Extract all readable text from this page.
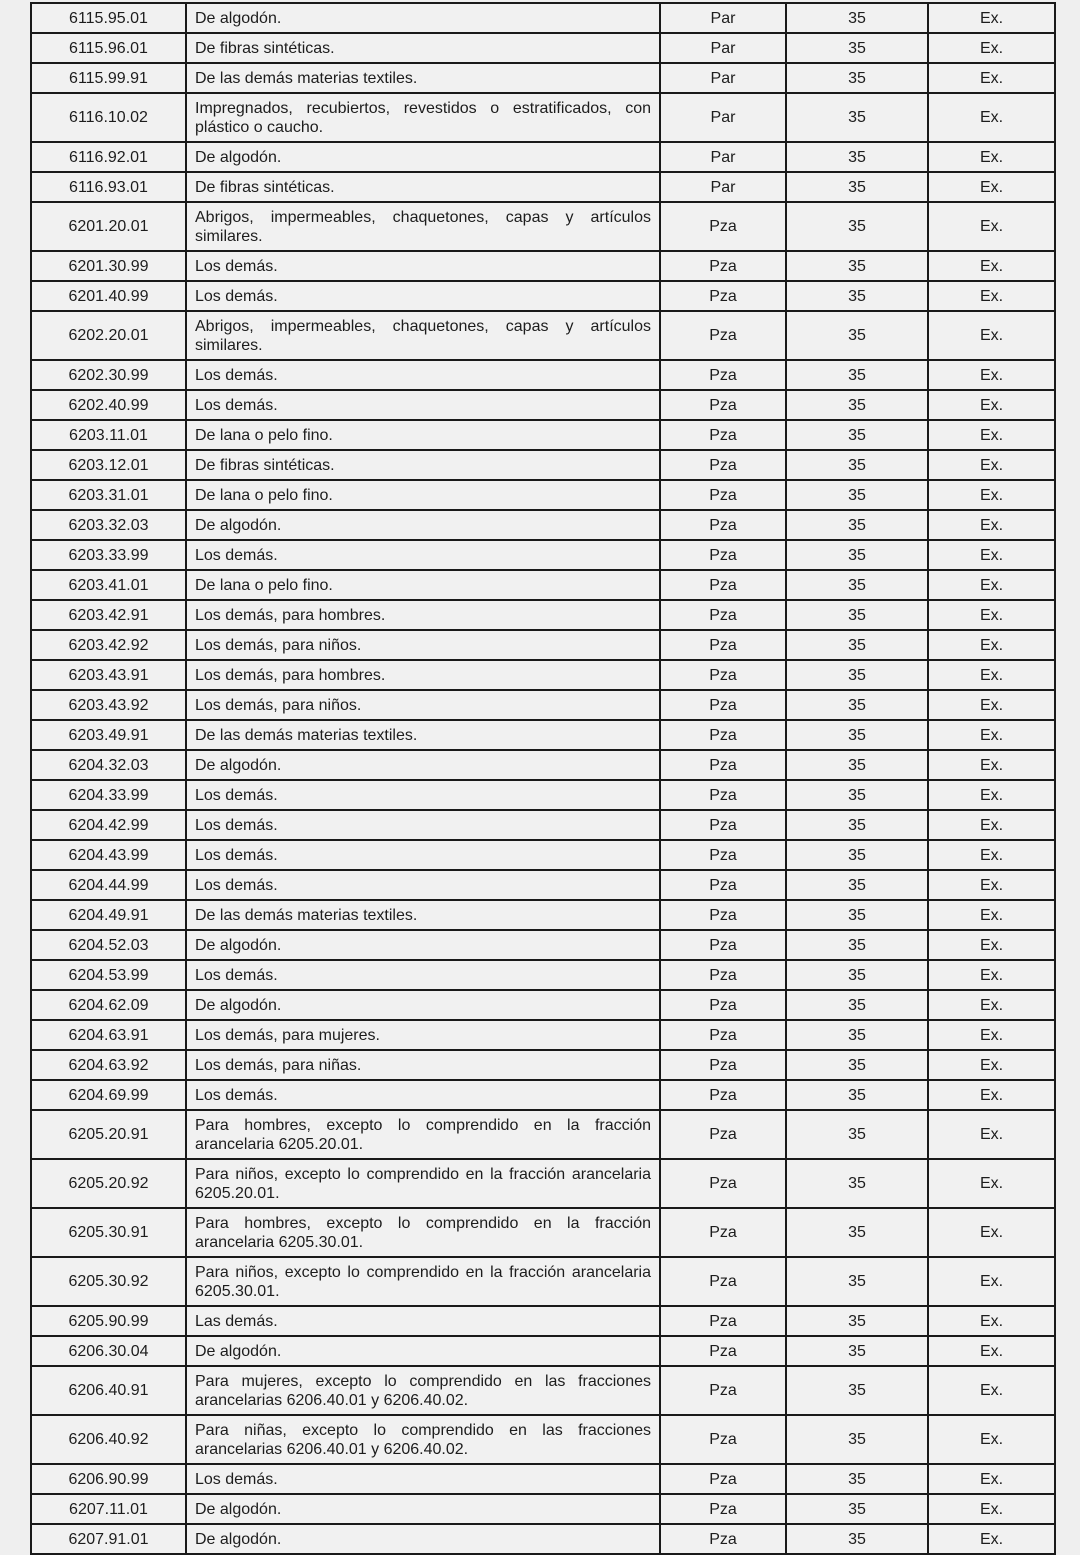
6115.95.01	De algodón.	Par	35	Ex.
6115.96.01	De fibras sintéticas.	Par	35	Ex.
6115.99.91	De las demás materias textiles.	Par	35	Ex.
6116.10.02	Impregnados, recubiertos, revestidos o estratificados, con plástico o caucho.	Par	35	Ex.
6116.92.01	De algodón.	Par	35	Ex.
6116.93.01	De fibras sintéticas.	Par	35	Ex.
6201.20.01	Abrigos, impermeables, chaquetones, capas y artículos similares.	Pza	35	Ex.
6201.30.99	Los demás.	Pza	35	Ex.
6201.40.99	Los demás.	Pza	35	Ex.
6202.20.01	Abrigos, impermeables, chaquetones, capas y artículos similares.	Pza	35	Ex.
6202.30.99	Los demás.	Pza	35	Ex.
6202.40.99	Los demás.	Pza	35	Ex.
6203.11.01	De lana o pelo fino.	Pza	35	Ex.
6203.12.01	De fibras sintéticas.	Pza	35	Ex.
6203.31.01	De lana o pelo fino.	Pza	35	Ex.
6203.32.03	De algodón.	Pza	35	Ex.
6203.33.99	Los demás.	Pza	35	Ex.
6203.41.01	De lana o pelo fino.	Pza	35	Ex.
6203.42.91	Los demás, para hombres.	Pza	35	Ex.
6203.42.92	Los demás, para niños.	Pza	35	Ex.
6203.43.91	Los demás, para hombres.	Pza	35	Ex.
6203.43.92	Los demás, para niños.	Pza	35	Ex.
6203.49.91	De las demás materias textiles.	Pza	35	Ex.
6204.32.03	De algodón.	Pza	35	Ex.
6204.33.99	Los demás.	Pza	35	Ex.
6204.42.99	Los demás.	Pza	35	Ex.
6204.43.99	Los demás.	Pza	35	Ex.
6204.44.99	Los demás.	Pza	35	Ex.
6204.49.91	De las demás materias textiles.	Pza	35	Ex.
6204.52.03	De algodón.	Pza	35	Ex.
6204.53.99	Los demás.	Pza	35	Ex.
6204.62.09	De algodón.	Pza	35	Ex.
6204.63.91	Los demás, para mujeres.	Pza	35	Ex.
6204.63.92	Los demás, para niñas.	Pza	35	Ex.
6204.69.99	Los demás.	Pza	35	Ex.
6205.20.91	Para hombres, excepto lo comprendido en la fracción arancelaria 6205.20.01.	Pza	35	Ex.
6205.20.92	Para niños, excepto lo comprendido en la fracción arancelaria 6205.20.01.	Pza	35	Ex.
6205.30.91	Para hombres, excepto lo comprendido en la fracción arancelaria 6205.30.01.	Pza	35	Ex.
6205.30.92	Para niños, excepto lo comprendido en la fracción arancelaria 6205.30.01.	Pza	35	Ex.
6205.90.99	Las demás.	Pza	35	Ex.
6206.30.04	De algodón.	Pza	35	Ex.
6206.40.91	Para mujeres, excepto lo comprendido en las fracciones arancelarias 6206.40.01 y 6206.40.02.	Pza	35	Ex.
6206.40.92	Para niñas, excepto lo comprendido en las fracciones arancelarias 6206.40.01 y 6206.40.02.	Pza	35	Ex.
6206.90.99	Los demás.	Pza	35	Ex.
6207.11.01	De algodón.	Pza	35	Ex.
6207.91.01	De algodón.	Pza	35	Ex.
